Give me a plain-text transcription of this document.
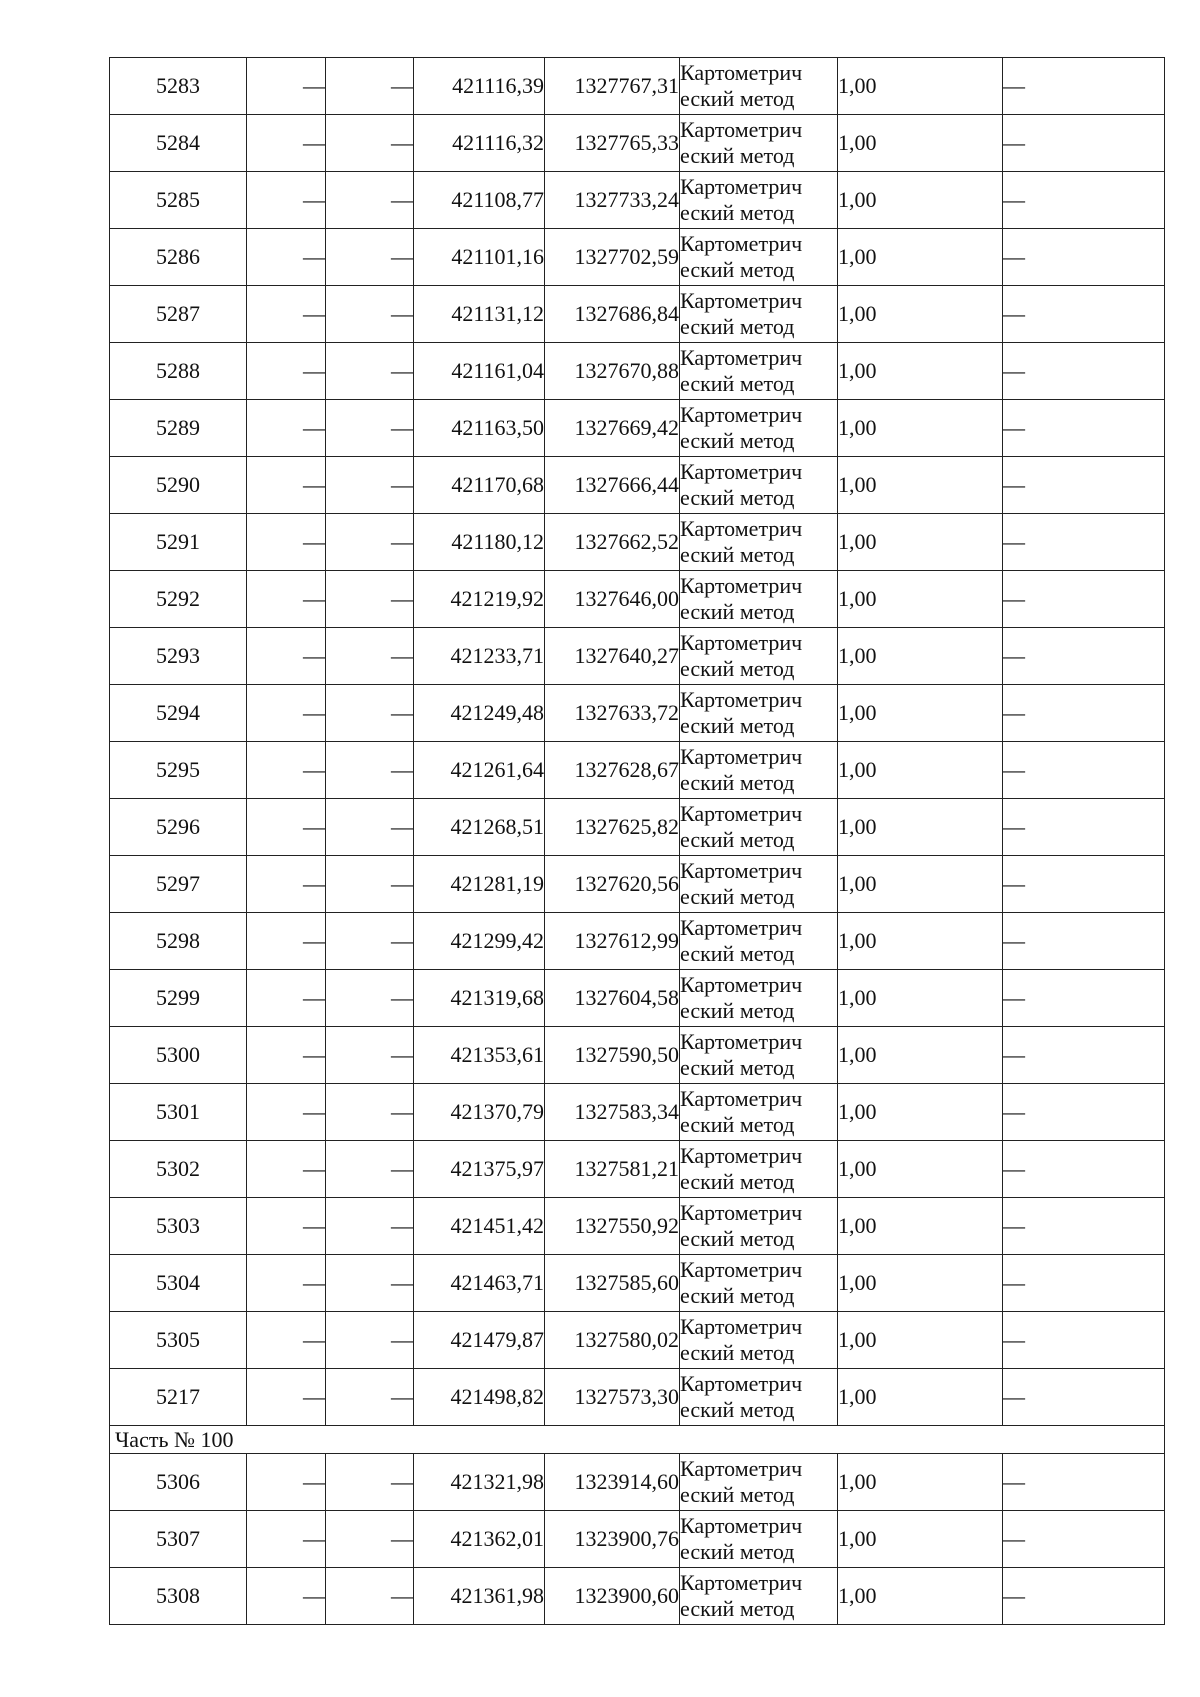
5283	—	—	421116,39	1327767,31	Картометрич
еский метод	1,00	—
5284	—	—	421116,32	1327765,33	Картометрич
еский метод	1,00	—
5285	—	—	421108,77	1327733,24	Картометрич
еский метод	1,00	—
5286	—	—	421101,16	1327702,59	Картометрич
еский метод	1,00	—
5287	—	—	421131,12	1327686,84	Картометрич
еский метод	1,00	—
5288	—	—	421161,04	1327670,88	Картометрич
еский метод	1,00	—
5289	—	—	421163,50	1327669,42	Картометрич
еский метод	1,00	—
5290	—	—	421170,68	1327666,44	Картометрич
еский метод	1,00	—
5291	—	—	421180,12	1327662,52	Картометрич
еский метод	1,00	—
5292	—	—	421219,92	1327646,00	Картометрич
еский метод	1,00	—
5293	—	—	421233,71	1327640,27	Картометрич
еский метод	1,00	—
5294	—	—	421249,48	1327633,72	Картометрич
еский метод	1,00	—
5295	—	—	421261,64	1327628,67	Картометрич
еский метод	1,00	—
5296	—	—	421268,51	1327625,82	Картометрич
еский метод	1,00	—
5297	—	—	421281,19	1327620,56	Картометрич
еский метод	1,00	—
5298	—	—	421299,42	1327612,99	Картометрич
еский метод	1,00	—
5299	—	—	421319,68	1327604,58	Картометрич
еский метод	1,00	—
5300	—	—	421353,61	1327590,50	Картометрич
еский метод	1,00	—
5301	—	—	421370,79	1327583,34	Картометрич
еский метод	1,00	—
5302	—	—	421375,97	1327581,21	Картометрич
еский метод	1,00	—
5303	—	—	421451,42	1327550,92	Картометрич
еский метод	1,00	—
5304	—	—	421463,71	1327585,60	Картометрич
еский метод	1,00	—
5305	—	—	421479,87	1327580,02	Картометрич
еский метод	1,00	—
5217	—	—	421498,82	1327573,30	Картометрич
еский метод	1,00	—
Часть № 100							
5306	—	—	421321,98	1323914,60	Картометрич
еский метод	1,00	—
5307	—	—	421362,01	1323900,76	Картометрич
еский метод	1,00	—
5308	—	—	421361,98	1323900,60	Картометрич
еский метод	1,00	—
